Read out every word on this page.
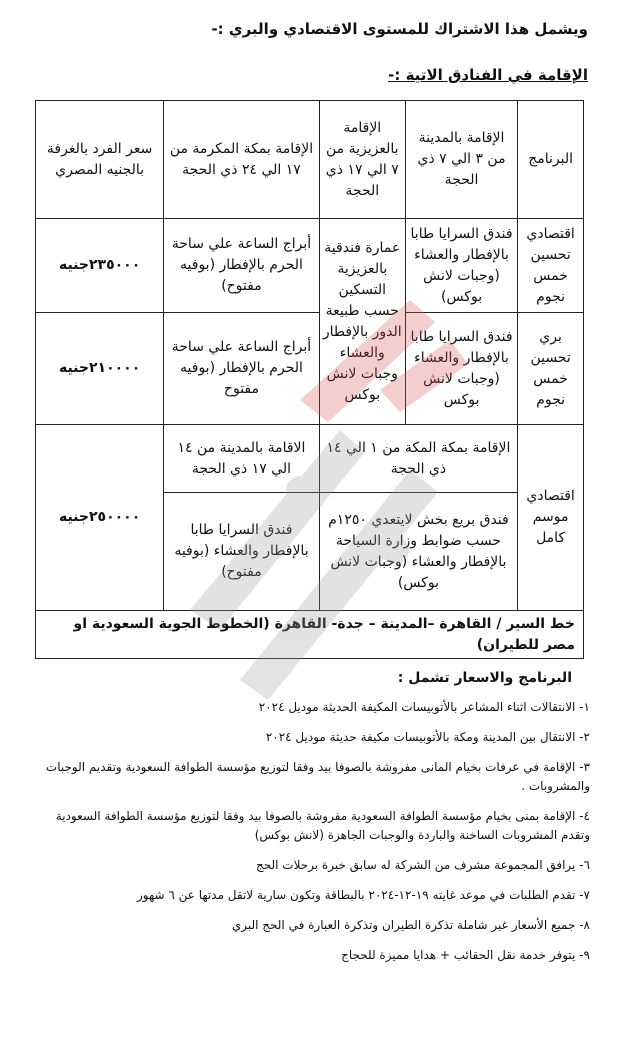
ويشمل هذا الاشتراك للمستوى الاقتصادي والبري :-
الإقامة في الفنادق الاتية :-
البرنامج	الإقامة بالمدينة من ٣ الي ٧ ذي الحجة	الإقامة بالعزيزية من ٧ الي ١٧ ذي الحجة	الإقامة بمكة المكرمة من ١٧ الي ٢٤ ذي الحجة	سعر الفرد بالغرفة بالجنيه المصري
اقتصادي تحسين خمس نجوم	فندق السرايا طابا بالإفطار والعشاء (وجبات لانش بوكس)	عمارة فندقية بالعزيزية التسكين حسب طبيعة الدور بالإفطار والعشاء وجبات لانش بوكس	أبراج الساعة علي ساحة الحرم بالإفطار (بوفيه مفتوح)	٢٣٥٠٠٠جنيه
بري تحسين خمس نجوم	فندق السرايا طابا بالإفطار والعشاء (وجبات لانش بوكس		أبراج الساعة علي ساحة الحرم بالإفطار (بوفيه مفتوح	٢١٠٠٠٠جنيه
اقتصادي موسم كامل	الإقامة بمكة المكة من ١ الي ١٤ ذي الحجة		الاقامة بالمدينة من ١٤ الي ١٧ ذي الحجة	٢٥٠٠٠٠جنيه
	فندق بريع بخش لايتعدي ١٢٥٠م حسب ضوابط وزارة السياحة بالإفطار والعشاء (وجبات لانش بوكس)		فندق السرايا طابا بالإفطار والعشاء (بوفيه مفتوح)	
خط السير / القاهرة –المدينة – جدة- القاهرة (الخطوط الجوية السعودية او مصر للطيران)				
البرنامج والاسعار تشمل :
١- الانتقالات اثناء المشاعر بالأتوبيسات المكيفة الحديثة موديل ٢٠٢٤
٢- الانتقال بين المدينة ومكة بالأتوبيسات مكيفة حديثة موديل ٢٠٢٤
٣- الإقامة في عرفات بخيام المانى مفروشة بالصوفا بيد وفقا لتوزيع مؤسسة الطوافة السعودية وتقديم الوجبات والمشروبات .
٤- الإقامة بمنى بخيام مؤسسة الطوافة السعودية مفروشة بالصوفا بيد وفقا لتوزيع مؤسسة الطوافة السعودية وتقدم المشروبات الساخنة والباردة والوجبات الجاهزة (لانش بوكس)
٦- يرافق المجموعة مشرف من الشركة له سابق خبرة برحلات الحج
٧- تقدم الطلبات في موعد غايته ١٩-١٢-٢٠٢٤ بالبطاقة وتكون سارية لاتقل مدتها عن ٦ شهور
٨- جميع الأسعار غير شاملة تذكرة الطيران وتذكرة العبارة في الحج البري
٩- يتوفر خدمة نقل الحقائب + هدايا مميزة للحجاج
